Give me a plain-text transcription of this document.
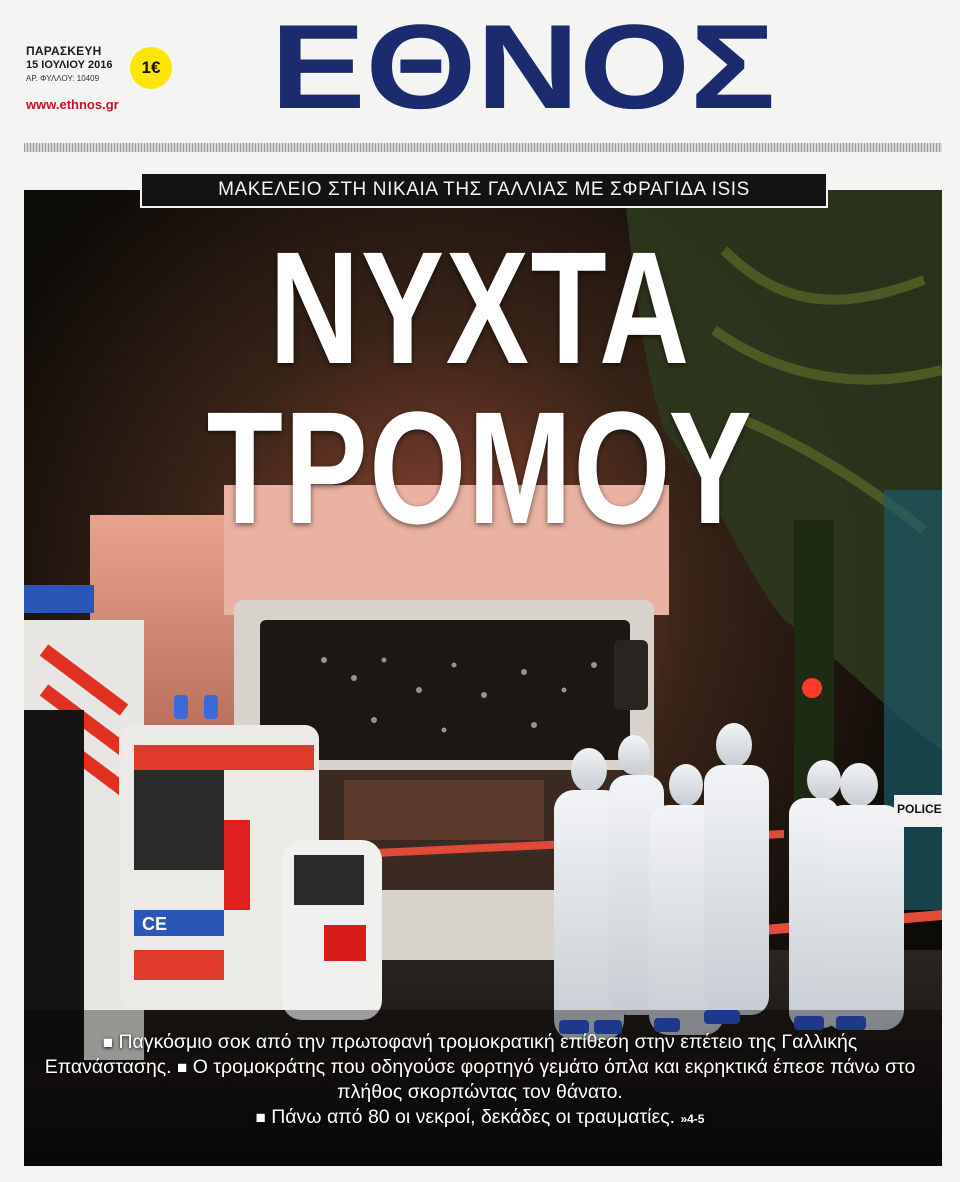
ΠΑΡΑΣΚΕΥΗ
15 ΙΟΥΛΙΟΥ 2016
ΑΡ. ΦΥΛΛΟΥ: 10409
1€
www.ethnos.gr ΕΘΝΟΣ
CE
POLICE
ΜΑΚΕΛΕΙΟ ΣΤΗ ΝΙΚΑΙΑ ΤΗΣ ΓΑΛΛΙΑΣ ΜΕ ΣΦΡΑΓΙΔΑ ISIS
ΝΥΧΤΑ
ΤΡΟΜΟΥ
■ Παγκόσμιο σοκ από την πρωτοφανή τρομοκρατική επίθεση στην επέτειο της Γαλλικής Επανάστασης. ■ Ο τρομοκράτης που οδηγούσε φορτηγό γεμάτο όπλα και εκρηκτικά έπεσε πάνω στο πλήθος σκορπώντας τον θάνατο.
■ Πάνω από 80 οι νεκροί, δεκάδες οι τραυματίες. »4-5
